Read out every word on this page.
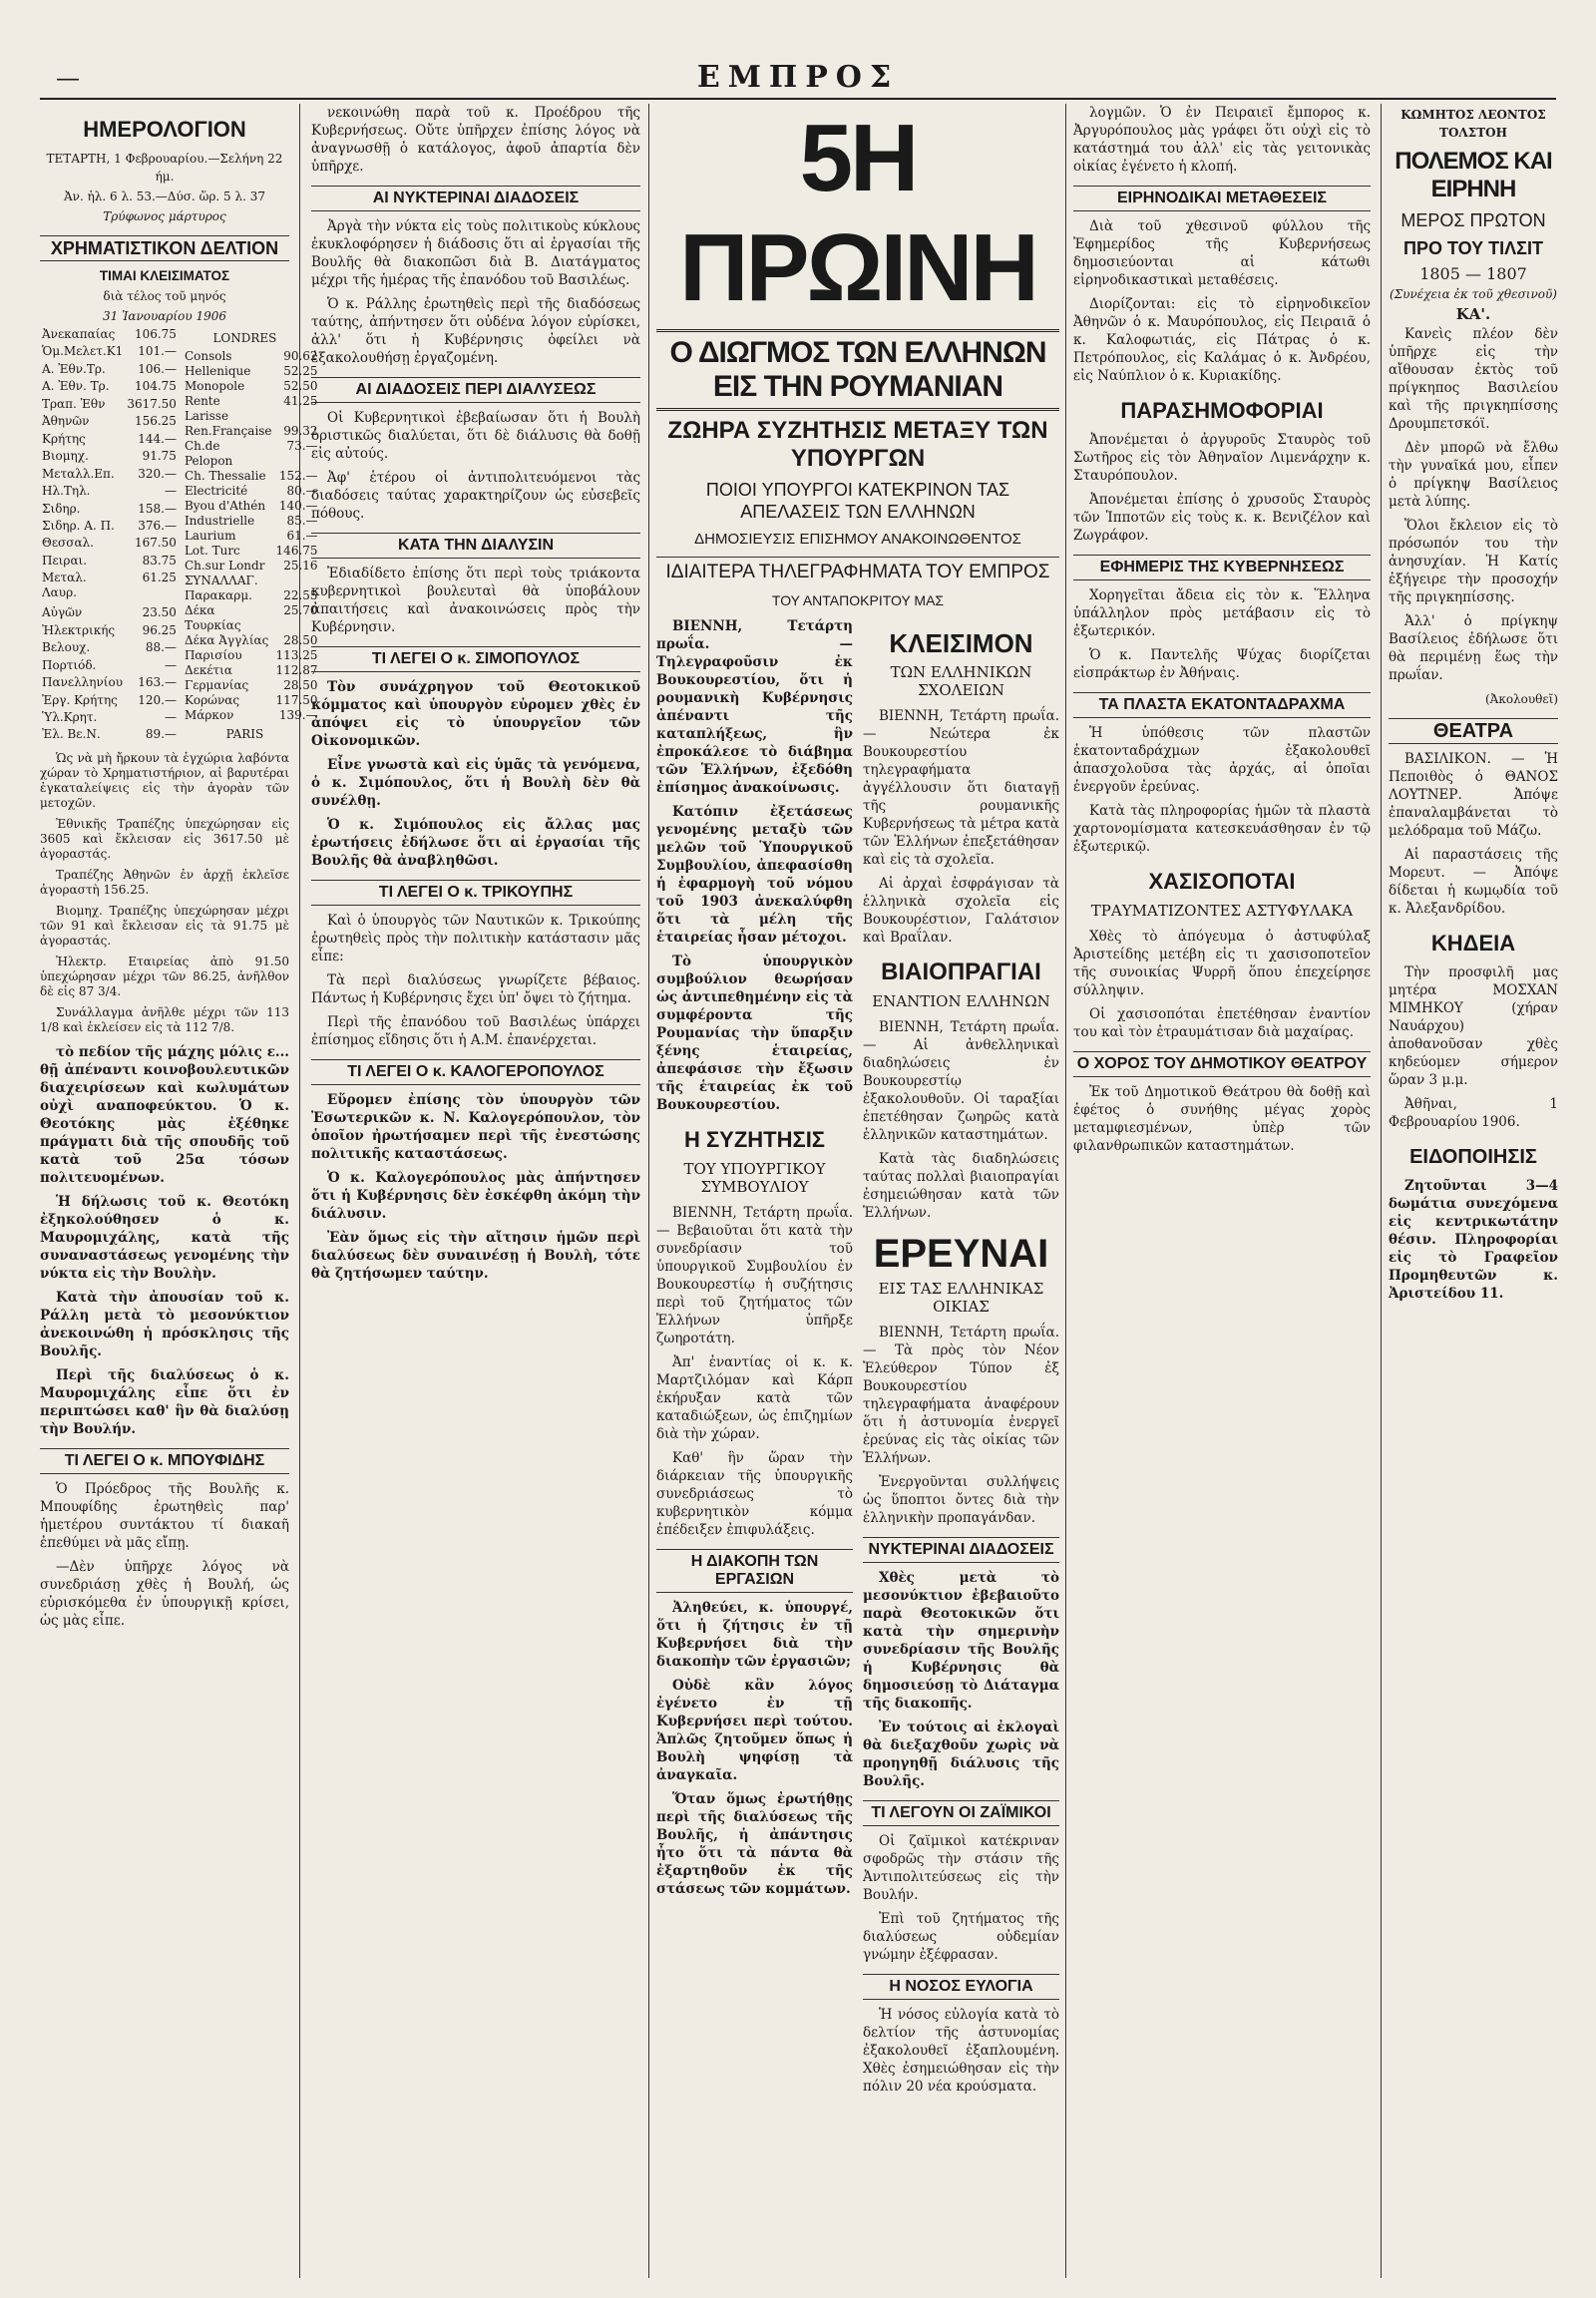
—	ΕΜΠΡΟΣ
ΗΜΕΡΟΛΟΓΙΟΝ
ΤΕΤΑΡΤΗ, 1 Φεβρουαρίου.—Σελήνη 22 ήμ.
Ἀν. ἡλ. 6 λ. 53.—Δύσ. ὥρ. 5 λ. 37
Τρύφωνος μάρτυρος
ΧΡΗΜΑΤΙΣΤΙΚΟΝ ΔΕΛΤΙΟΝ
ΤΙΜΑΙ ΚΛΕΙΣΙΜΑΤΟΣ
διὰ τέλος τοῦ μηνός
31 Ἰανουαρίου 1906
Ἀνεκαπαίας	106.75
Ὁμ.Μελετ.Κ1	101.—
Α. Ἐθν.Τρ.	106.—
Α. Ἐθν. Τρ.	104.75
Τραπ. Ἐθν	3617.50
Ἀθηνῶν	156.25
Κρήτης	144.—
Βιομηχ.	91.75
Μεταλλ.Επ.	320.—
Ηλ.Τηλ.	—
Σιδηρ.	158.—
Σιδηρ. Α. Π.	376.—
Θεσσαλ.	167.50
Πειραι.	83.75
Μεταλ. Λαυρ.	61.25
Αὐγῶν	23.50
Ἠλεκτρικής	96.25
Βελουχ.	88.—
Πορτιόδ.	—
Πανελληνίου	163.—
Ἐργ. Κρήτης	120.—
Ὑλ.Κρητ.	—
Ἐλ. Βε.Ν.	89.—
LONDRES
Consols	90.62
Hellenique	52.25
Monopole	52.50
Rente	41.25
Larisse	
Ren.Française	99.32
Ch.de Pelopon	73.—
Ch. Thessalie	152.—
Electricité	80.—
Byou d'Athén	140.—
Industrielle	85.—
Laurium	61.—
Lot. Turc	146.75
Ch.sur Londr	25.16
ΣΥΝΑΛΛΑΓ.	
Παρακαρμ.	22.55
Δέκα Τουρκίας	25.70
Δέκα Ἀγγλίας	28.50
Παρισίου	113.25
Δεκέτια	112.87
Γερμανίας	28.50
Κορώνας	117.50
Μάρκον	139.—
PARIS

Ὡς νὰ μὴ ἤρκουν τὰ ἐγχώρια λαβόντα χώραν τὸ Χρηματιστήριον, αἱ βαρυτέραι ἐγκαταλείψεις εἰς τὴν ἀγορὰν τῶν μετοχῶν.

Ἐθνικῆς Τραπέζης ὑπεχώρησαν εἰς 3605 καὶ ἔκλεισαν εἰς 3617.50 μὲ ἀγοραστάς.

Τραπέζης Ἀθηνῶν ἐν ἀρχῇ ἐκλεῖσε ἀγοραστὴ 156.25.

Βιομηχ. Τραπέζης ὑπεχώρησαν μέχρι τῶν 91 καὶ ἔκλεισαν εἰς τὰ 91.75 μὲ ἀγοραστάς.

Ἠλεκτρ. Εταιρείας ἀπὸ 91.50 ὑπεχώρησαν μέχρι τῶν 86.25, ἀνῆλθον δὲ εἰς 87 3/4.

Συνάλλαγμα ἀνῆλθε μέχρι τῶν 113 1/8 καὶ ἐκλείσεν εἰς τὰ 112 7/8.

τὸ πεδίον τῆς μάχης μόλις ε... θῇ ἀπέναντι κοινοβουλευτικῶν διαχειρίσεων καὶ κωλυμάτων οὐχὶ αναποφεύκτου. Ὁ κ. Θεοτόκης μὰς ἐξέθηκε πράγματι διὰ τῆς σπουδῆς τοῦ κατὰ τοῦ 25α τόσων πολιτευομένων.

Ἡ δήλωσις τοῦ κ. Θεοτόκη ἐξηκολούθησεν ὁ κ. Μαυρομιχάλης, κατὰ τῆς συναναστάσεως γενομένης τὴν νύκτα εἰς τὴν Βουλὴν.

Κατὰ τὴν ἀπουσίαν τοῦ κ. Ράλλη μετὰ τὸ μεσονύκτιον ἀνεκοινώθη ἡ πρόσκλησις τῆς Βουλῆς.

Περὶ τῆς διαλύσεως ὁ κ. Μαυρομιχάλης εἶπε ὅτι ἐν περιπτώσει καθ' ἣν θὰ διαλύσῃ τὴν Βουλήν.

ΤΙ ΛΕΓΕΙ Ο κ. ΜΠΟΥΦΙΔΗΣ

Ὁ Πρόεδρος τῆς Βουλῆς κ. Μπουφίδης ἐρωτηθεὶς παρ' ἡμετέρου συντάκτου τί διακαῆ ἐπεθύμει νὰ μᾶς εἴπῃ.

—Δὲν ὑπῆρχε λόγος νὰ συνεδριάσῃ χθὲς ἡ Βουλή, ὡς εὑρισκόμεθα ἐν ὑπουργικῇ κρίσει, ὡς μὰς εἶπε.

νεκοινώθη παρὰ τοῦ κ. Προέδρου τῆς Κυβερνήσεως. Οὔτε ὑπῆρχεν ἐπίσης λόγος νὰ ἀναγνωσθῇ ὁ κατάλογος, ἀφοῦ ἀπαρτία δὲν ὑπῆρχε.

ΑΙ ΝΥΚΤΕΡΙΝΑΙ ΔΙΑΔΟΣΕΙΣ

Ἀργὰ τὴν νύκτα εἰς τοὺς πολιτικοὺς κύκλους ἐκυκλοφόρησεν ἡ διάδοσις ὅτι αἱ ἐργασίαι τῆς Βουλῆς θὰ διακοπῶσι διὰ Β. Διατάγματος μέχρι τῆς ἡμέρας τῆς ἐπανόδου τοῦ Βασιλέως.

Ὁ κ. Ράλλης ἐρωτηθεὶς περὶ τῆς διαδόσεως ταύτης, ἀπήντησεν ὅτι οὐδένα λόγον εὑρίσκει, ἀλλ' ὅτι ἡ Κυβέρνησις ὀφείλει νὰ ἐξακολουθήσῃ ἐργαζομένη.

ΑΙ ΔΙΑΔΟΣΕΙΣ ΠΕΡΙ ΔΙΑΛΥΣΕΩΣ

Οἱ Κυβερνητικοὶ ἐβεβαίωσαν ὅτι ἡ Βουλὴ ὁριστικῶς διαλύεται, ὅτι δὲ διάλυσις θὰ δοθῇ εἰς αὐτούς.

Ἀφ' ἑτέρου οἱ ἀντιπολιτευόμενοι τὰς διαδόσεις ταύτας χαρακτηρίζουν ὡς εὐσεβεῖς πόθους.

ΚΑΤΑ ΤΗΝ ΔΙΑΛΥΣΙΝ

Ἐδιαδίδετο ἐπίσης ὅτι περὶ τοὺς τριάκοντα κυβερνητικοὶ βουλευταὶ θὰ ὑποβάλουν ἀπαιτήσεις καὶ ἀνακοινώσεις πρὸς τὴν Κυβέρνησιν.

ΤΙ ΛΕΓΕΙ Ο κ. ΣΙΜΟΠΟΥΛΟΣ

Τὸν συνάχρηγον τοῦ Θεοτοκικοῦ κόμματος καὶ ὑπουργὸν εὑρομεν χθὲς ἐν ἀπόψει εἰς τὸ ὑπουργεῖον τῶν Οἰκονομικῶν.

Εἶνε γνωστὰ καὶ εἰς ὑμᾶς τὰ γενόμενα, ὁ κ. Σιμόπουλος, ὅτι ἡ Βουλὴ δὲν θὰ συνέλθῃ.

Ὁ κ. Σιμόπουλος εἰς ἄλλας μας ἐρωτήσεις ἐδήλωσε ὅτι αἱ ἐργασίαι τῆς Βουλῆς θὰ ἀναβληθῶσι.

ΤΙ ΛΕΓΕΙ Ο κ. ΤΡΙΚΟΥΠΗΣ

Καὶ ὁ ὑπουργὸς τῶν Ναυτικῶν κ. Τρικούπης ἐρωτηθεὶς πρὸς τὴν πολιτικὴν κατάστασιν μᾶς εἶπε:

Τὰ περὶ διαλύσεως γνωρίζετε βέβαιος. Πάντως ἡ Κυβέρνησις ἔχει ὑπ' ὄψει τὸ ζήτημα.

Περὶ τῆς ἐπανόδου τοῦ Βασιλέως ὑπάρχει ἐπίσημος εἴδησις ὅτι ἡ Α.Μ. ἐπανέρχεται.

ΤΙ ΛΕΓΕΙ Ο κ. ΚΑΛΟΓΕΡΟΠΟΥΛΟΣ

Εὕρομεν ἐπίσης τὸν ὑπουργὸν τῶν Ἐσωτερικῶν κ. Ν. Καλογερόπουλον, τὸν ὁποῖον ἠρωτήσαμεν περὶ τῆς ἐνεστώσης πολιτικῆς καταστάσεως.

Ὁ κ. Καλογερόπουλος μὰς ἀπήντησεν ὅτι ἡ Κυβέρνησις δὲν ἐσκέφθη ἀκόμη τὴν διάλυσιν.

Ἐὰν ὅμως εἰς τὴν αἴτησιν ἡμῶν περὶ διαλύσεως δὲν συναινέσῃ ἡ Βουλὴ, τότε θὰ ζητήσωμεν ταύτην.

5Η ΠΡΩΙΝΗ
Ο ΔΙΩΓΜΟΣ ΤΩΝ ΕΛΛΗΝΩΝ ΕΙΣ ΤΗΝ ΡΟΥΜΑΝΙΑΝ
ΖΩΗΡΑ ΣΥΖΗΤΗΣΙΣ ΜΕΤΑΞΥ ΤΩΝ ΥΠΟΥΡΓΩΝ
ΠΟΙΟΙ ΥΠΟΥΡΓΟΙ ΚΑΤΕΚΡΙΝΟΝ ΤΑΣ ΑΠΕΛΑΣΕΙΣ ΤΩΝ ΕΛΛΗΝΩΝ
ΔΗΜΟΣΙΕΥΣΙΣ ΕΠΙΣΗΜΟΥ ΑΝΑΚΟΙΝΩΘΕΝΤΟΣ
ΙΔΙΑΙΤΕΡΑ ΤΗΛΕΓΡΑΦΗΜΑΤΑ ΤΟΥ ΕΜΠΡΟΣ
ΤΟΥ ΑΝΤΑΠΟΚΡΙΤΟΥ ΜΑΣ

ΒΙΕΝΝΗ, Τετάρτη πρωΐα. — Τηλεγραφοῦσιν ἐκ Βουκουρεστίου, ὅτι ἡ ρουμανικὴ Κυβέρνησις ἀπέναντι τῆς καταπλήξεως, ἣν ἐπροκάλεσε τὸ διάβημα τῶν Ἑλλήνων, ἐξεδόθη ἐπίσημος ἀνακοίνωσις.

Κατόπιν ἐξετάσεως γενομένης μεταξὺ τῶν μελῶν τοῦ Ὑπουργικοῦ Συμβουλίου, ἀπεφασίσθη ἡ ἐφαρμογὴ τοῦ νόμου τοῦ 1903 ἀνεκαλύφθη ὅτι τὰ μέλη τῆς ἑταιρείας ἦσαν μέτοχοι.

Τὸ ὑπουργικὸν συμβούλιον θεωρήσαν ὡς ἀντιπεθημένην εἰς τὰ συμφέροντα τῆς Ρουμανίας τὴν ὕπαρξιν ξένης ἑταιρείας, ἀπεφάσισε τὴν ἔξωσιν τῆς ἑταιρείας ἐκ τοῦ Βουκουρεστίου.

Η ΣΥΖΗΤΗΣΙΣ
ΤΟΥ ΥΠΟΥΡΓΙΚΟΥ ΣΥΜΒΟΥΛΙΟΥ

ΒΙΕΝΝΗ, Τετάρτη πρωΐα. — Βεβαιοῦται ὅτι κατὰ τὴν συνεδρίασιν τοῦ ὑπουργικοῦ Συμβουλίου ἐν Βουκουρεστίῳ ἡ συζήτησις περὶ τοῦ ζητήματος τῶν Ἑλλήνων ὑπῆρξε ζωηροτάτη.

Ἀπ' ἐναντίας οἱ κ. κ. Μαρτζιλόμαν καὶ Κάρπ ἐκήρυξαν κατὰ τῶν καταδιώξεων, ὡς ἐπιζημίων διὰ τὴν χώραν.

Καθ' ἣν ὥραν τὴν διάρκειαν τῆς ὑπουργικῆς συνεδριάσεως τὸ κυβερνητικὸν κόμμα ἐπέδειξεν ἐπιφυλάξεις.

Η ΔΙΑΚΟΠΗ ΤΩΝ ΕΡΓΑΣΙΩΝ

Ἀληθεύει, κ. ὑπουργέ, ὅτι ἡ ζήτησις ἐν τῇ Κυβερνήσει διὰ τὴν διακοπὴν τῶν ἐργασιῶν;

Οὐδὲ κἂν λόγος ἐγένετο ἐν τῇ Κυβερνήσει περὶ τούτου. Ἁπλῶς ζητοῦμεν ὅπως ἡ Βουλὴ ψηφίσῃ τὰ ἀναγκαῖα.

Ὅταν ὅμως ἐρωτήθῃς περὶ τῆς διαλύσεως τῆς Βουλῆς, ἡ ἀπάντησις ἦτο ὅτι τὰ πάντα θὰ ἐξαρτηθοῦν ἐκ τῆς στάσεως τῶν κομμάτων.

ΚΛΕΙΣΙΜΟΝ
ΤΩΝ ΕΛΛΗΝΙΚΩΝ ΣΧΟΛΕΙΩΝ

ΒΙΕΝΝΗ, Τετάρτη πρωΐα. — Νεώτερα ἐκ Βουκουρεστίου τηλεγραφήματα ἀγγέλλουσιν ὅτι διαταγῇ τῆς ρουμανικῆς Κυβερνήσεως τὰ μέτρα κατὰ τῶν Ἑλλήνων ἐπεξετάθησαν καὶ εἰς τὰ σχολεῖα.

Αἱ ἀρχαὶ ἐσφράγισαν τὰ ἑλληνικὰ σχολεῖα εἰς Βουκουρέστιον, Γαλάτσιον καὶ Βραΐλαν.

ΒΙΑΙΟΠΡΑΓΙΑΙ
ΕΝΑΝΤΙΟΝ ΕΛΛΗΝΩΝ

ΒΙΕΝΝΗ, Τετάρτη πρωΐα. — Αἱ ἀνθελληνικαὶ διαδηλώσεις ἐν Βουκουρεστίῳ ἐξακολουθοῦν. Οἱ ταραξίαι ἐπετέθησαν ζωηρῶς κατὰ ἑλληνικῶν καταστημάτων.

Κατὰ τὰς διαδηλώσεις ταύτας πολλαὶ βιαιοπραγίαι ἐσημειώθησαν κατὰ τῶν Ἑλλήνων.

ΕΡΕΥΝΑΙ
ΕΙΣ ΤΑΣ ΕΛΛΗΝΙΚΑΣ ΟΙΚΙΑΣ

ΒΙΕΝΝΗ, Τετάρτη πρωΐα. — Τὰ πρὸς τὸν Νέον Ἐλεύθερον Τύπον ἐξ Βουκουρεστίου τηλεγραφήματα ἀναφέρουν ὅτι ἡ ἀστυνομία ἐνεργεῖ ἐρεύνας εἰς τὰς οἰκίας τῶν Ἑλλήνων.

Ἐνεργοῦνται συλλήψεις ὡς ὕποπτοι ὄντες διὰ τὴν ἑλληνικὴν προπαγάνδαν.

ΝΥΚΤΕΡΙΝΑΙ ΔΙΑΔΟΣΕΙΣ

Χθὲς μετὰ τὸ μεσονύκτιον ἐβεβαιοῦτο παρὰ Θεοτοκικῶν ὅτι κατὰ τὴν σημερινὴν συνεδρίασιν τῆς Βουλῆς ἡ Κυβέρνησις θὰ δημοσιεύσῃ τὸ Διάταγμα τῆς διακοπῆς.

Ἐν τούτοις αἱ ἐκλογαὶ θὰ διεξαχθοῦν χωρὶς νὰ προηγηθῇ διάλυσις τῆς Βουλῆς.

ΤΙ ΛΕΓΟΥΝ ΟΙ ΖΑΪΜΙΚΟΙ

Οἱ ζαϊμικοὶ κατέκριναν σφοδρῶς τὴν στάσιν τῆς Ἀντιπολιτεύσεως εἰς τὴν Βουλήν.

Ἐπὶ τοῦ ζητήματος τῆς διαλύσεως οὐδεμίαν γνώμην ἐξέφρασαν.

Η ΝΟΣΟΣ ΕΥΛΟΓΙΑ

Ἡ νόσος εὐλογία κατὰ τὸ δελτίον τῆς ἀστυνομίας ἐξακολουθεῖ ἐξαπλουμένη. Χθὲς ἐσημειώθησαν εἰς τὴν πόλιν 20 νέα κρούσματα.

λογμῶν. Ὁ ἐν Πειραιεῖ ἔμπορος κ. Ἀργυρόπουλος μὰς γράφει ὅτι οὐχὶ εἰς τὸ κατάστημά του ἀλλ' εἰς τὰς γειτονικὰς οἰκίας ἐγένετο ἡ κλοπή.

ΕΙΡΗΝΟΔΙΚΑΙ ΜΕΤΑΘΕΣΕΙΣ

Διὰ τοῦ χθεσινοῦ φύλλου τῆς Ἐφημερίδος τῆς Κυβερνήσεως δημοσιεύονται αἱ κάτωθι εἰρηνοδικαστικαὶ μεταθέσεις.

Διορίζονται: εἰς τὸ εἰρηνοδικεῖον Ἀθηνῶν ὁ κ. Μαυρόπουλος, εἰς Πειραιᾶ ὁ κ. Καλοφωτιάς, εἰς Πάτρας ὁ κ. Πετρόπουλος, εἰς Καλάμας ὁ κ. Ἀνδρέου, εἰς Ναύπλιον ὁ κ. Κυριακίδης.

ΠΑΡΑΣΗΜΟΦΟΡΙΑΙ

Ἀπονέμεται ὁ ἀργυροῦς Σταυρὸς τοῦ Σωτῆρος εἰς τὸν Ἀθηναῖον Λιμενάρχην κ. Σταυρόπουλον.

Ἀπονέμεται ἐπίσης ὁ χρυσοῦς Σταυρὸς τῶν Ἱπποτῶν εἰς τοὺς κ. κ. Βενιζέλον καὶ Ζωγράφον.

ΕΦΗΜΕΡΙΣ ΤΗΣ ΚΥΒΕΡΝΗΣΕΩΣ

Χορηγεῖται ἄδεια εἰς τὸν κ. Ἕλληνα ὑπάλληλον πρὸς μετάβασιν εἰς τὸ ἐξωτερικόν.

Ὁ κ. Παντελῆς Ψύχας διορίζεται εἰσπράκτωρ ἐν Ἀθήναις.

ΤΑ ΠΛΑΣΤΑ ΕΚΑΤΟΝΤΑΔΡΑΧΜΑ

Ἡ ὑπόθεσις τῶν πλαστῶν ἑκατονταδράχμων ἐξακολουθεῖ ἀπασχολοῦσα τὰς ἀρχάς, αἱ ὁποῖαι ἐνεργοῦν ἐρεύνας.

Κατὰ τὰς πληροφορίας ἡμῶν τὰ πλαστὰ χαρτονομίσματα κατεσκευάσθησαν ἐν τῷ ἐξωτερικῷ.

ΧΑΣΙΣΟΠΟΤΑΙ
ΤΡΑΥΜΑΤΙΖΟΝΤΕΣ ΑΣΤΥΦΥΛΑΚΑ

Χθὲς τὸ ἀπόγευμα ὁ ἀστυφύλαξ Ἀριστείδης μετέβη εἰς τι χασισοποτεῖον τῆς συνοικίας Ψυρρῆ ὅπου ἐπεχείρησε σύλληψιν.

Οἱ χασισοπόται ἐπετέθησαν ἐναντίον του καὶ τὸν ἐτραυμάτισαν διὰ μαχαίρας.

Ο ΧΟΡΟΣ ΤΟΥ ΔΗΜΟΤΙΚΟΥ ΘΕΑΤΡΟΥ

Ἐκ τοῦ Δημοτικοῦ Θεάτρου θὰ δοθῇ καὶ ἐφέτος ὁ συνήθης μέγας χορὸς μεταμφιεσμένων, ὑπὲρ τῶν φιλανθρωπικῶν καταστημάτων.

ΚΩΜΗΤΟΣ ΛΕΟΝΤΟΣ ΤΟΛΣΤΟΗ
ΠΟΛΕΜΟΣ ΚΑΙ ΕΙΡΗΝΗ
ΜΕΡΟΣ ΠΡΩΤΟΝ
ΠΡΟ ΤΟΥ ΤΙΛΣΙΤ
1805 — 1807
(Συνέχεια ἐκ τοῦ χθεσινοῦ)
ΚΑ'.

Κανεὶς πλέον δὲν ὑπῆρχε εἰς τὴν αἴθουσαν ἐκτὸς τοῦ πρίγκηπος Βασιλείου καὶ τῆς πριγκηπίσσης Δρουμπετσκόϊ.

Δὲν μπορῶ νὰ ἔλθω τὴν γυναῖκά μου, εἶπεν ὁ πρίγκηψ Βασίλειος μετὰ λύπης.

Ὅλοι ἔκλειον εἰς τὸ πρόσωπόν του τὴν ἀνησυχίαν. Ἡ Κατίς ἐξήγειρε τὴν προσοχήν τῆς πριγκηπίσσης.

Ἀλλ' ὁ πρίγκηψ Βασίλειος ἐδήλωσε ὅτι θὰ περιμένῃ ἕως τὴν πρωΐαν.

(Ἀκολουθεῖ)
ΘΕΑΤΡΑ

ΒΑΣΙΛΙΚΟΝ. — Ἡ Πεποιθὸς ὁ ΘΑΝΟΣ ΛΟΥΤΝΕΡ. Ἀπόψε ἐπαναλαμβάνεται τὸ μελόδραμα τοῦ Μάζω.

Αἱ παραστάσεις τῆς Μορευτ. — Ἀπόψε δίδεται ἡ κωμῳδία τοῦ κ. Ἀλεξανδρίδου.

ΚΗΔΕΙΑ

Τὴν προσφιλῆ μας μητέρα ΜΟΣΧΑΝ ΜΙΜΗΚΟΥ (χήραν Ναυάρχου) ἀποθανοῦσαν χθὲς κηδεύομεν σήμερον ὥραν 3 μ.μ.

Ἀθῆναι, 1 Φεβρουαρίου 1906.

ΕΙΔΟΠΟΙΗΣΙΣ

Ζητοῦνται 3—4 δωμάτια συνεχόμενα εἰς κεντρικωτάτην θέσιν. Πληροφορίαι εἰς τὸ Γραφεῖον Προμηθευτῶν κ. Ἀριστείδου 11.
